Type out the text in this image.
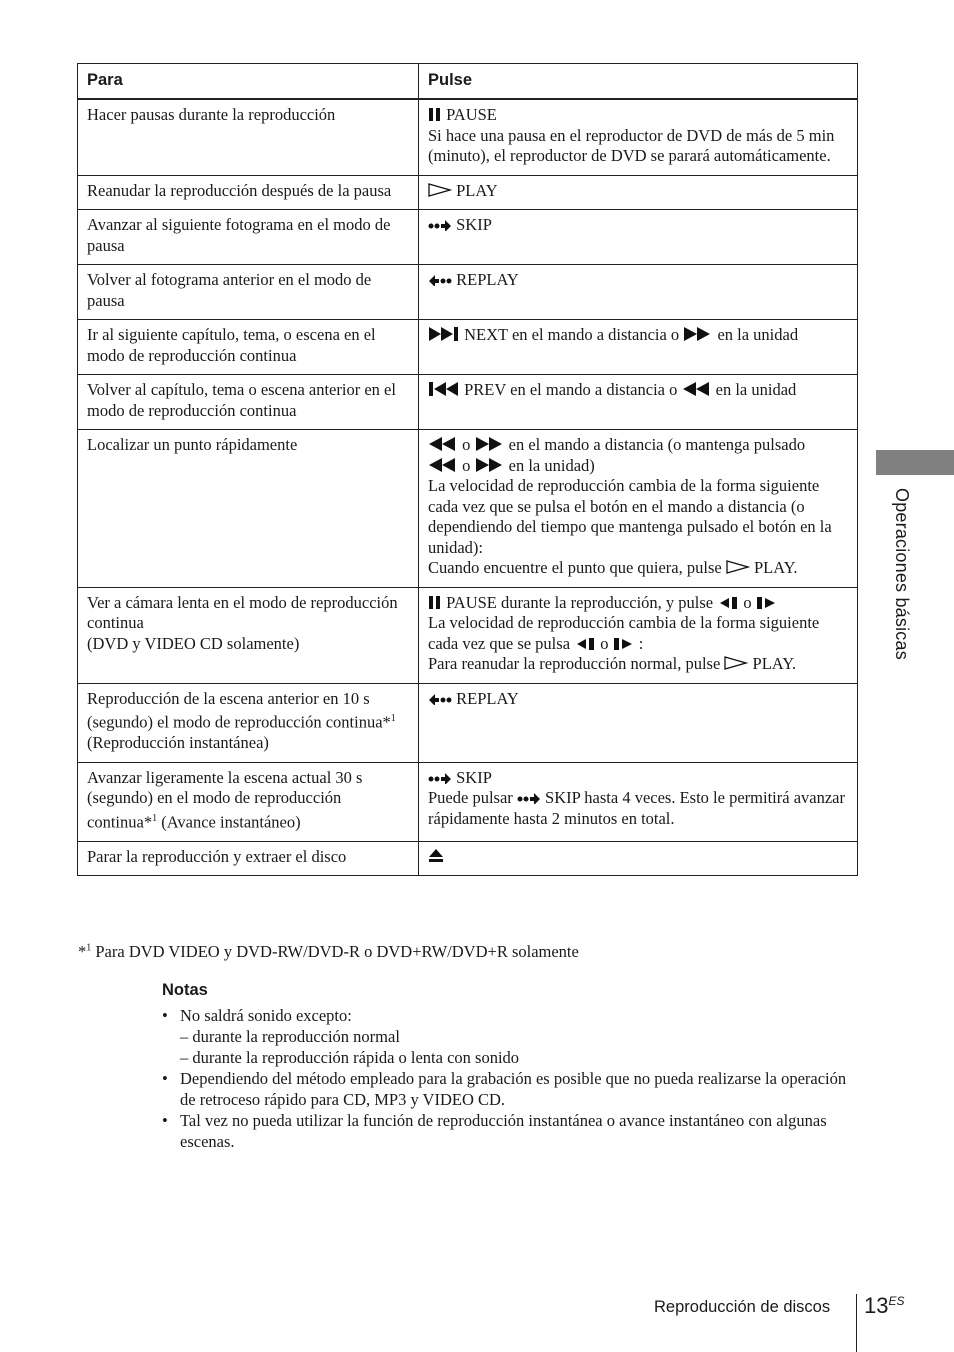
Para	Pulse

Hacer pausas durante la reproducción	PAUSE
Si hace una pausa en el reproductor de DVD de más de 5 min (minuto), el reproductor de DVD se parará automáticamente.

Reanudar la reproducción después de la pausa	PLAY

Avanzar al siguiente fotograma en el modo de pausa	SKIP

Volver al fotograma anterior en el modo de pausa	REPLAY

Ir al siguiente capítulo, tema, o escena en el modo de reproducción continua	NEXT en el mando a distancia o en la unidad

Volver al capítulo, tema o escena anterior en el modo de reproducción continua	PREV en el mando a distancia o en la unidad

Localizar un punto rápidamente	o en el mando a distancia (o mantenga pulsado
o en la unidad)
La velocidad de reproducción cambia de la forma siguiente cada vez que se pulsa el botón en el mando a distancia (o dependiendo del tiempo que mantenga pulsado el botón en la unidad):
Cuando encuentre el punto que quiera, pulse PLAY.

Ver a cámara lenta en el modo de reproducción continua
(DVD y VIDEO CD solamente)	PAUSE durante la reproducción, y pulse o
La velocidad de reproducción cambia de la forma siguiente cada vez que se pulsa o :
Para reanudar la reproducción normal, pulse PLAY.

Reproducción de la escena anterior en 10 s (segundo) el modo de reproducción continua*$^1$ (Reproducción instantánea)	REPLAY

Avanzar ligeramente la escena actual 30 s (segundo) en el modo de reproducción continua*$^1$ (Avance instantáneo)	SKIP
Puede pulsar SKIP hasta 4 veces. Esto le permitirá avanzar rápidamente hasta 2 minutos en total.

Parar la reproducción y extraer el disco

*$^1$ Para DVD VIDEO y DVD-RW/DVD-R o DVD+RW/DVD+R solamente
Notas
• No saldrá sonido excepto:
– durante la reproducción normal
– durante la reproducción rápida o lenta con sonido
• Dependiendo del método empleado para la grabación es posible que no pueda realizarse la operación de retroceso rápido para CD, MP3 y VIDEO CD.
• Tal vez no pueda utilizar la función de reproducción instantánea o avance instantáneo con algunas escenas.
Operaciones básicas
Reproducción de discos $13^{ES}$
